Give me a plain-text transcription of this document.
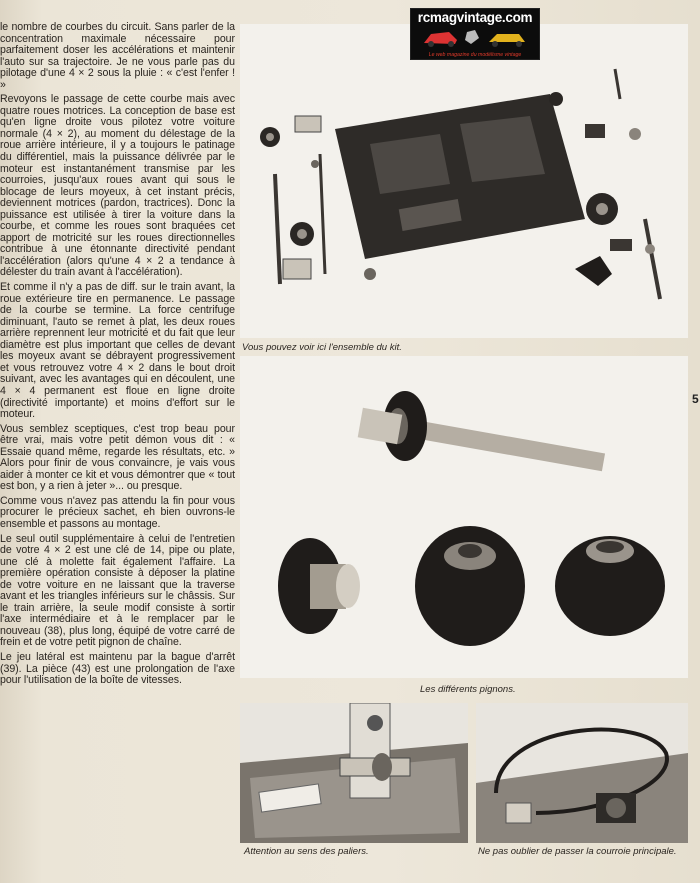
le nombre de courbes du circuit. Sans parler de la concentration maximale nécessaire pour parfaitement doser les accélérations et maintenir l'auto sur sa trajectoire. Je ne vous parle pas du pilotage d'une 4 × 2 sous la pluie : « c'est l'enfer ! »

Revoyons le passage de cette courbe mais avec quatre roues motrices. La conception de base est qu'en ligne droite vous pilotez votre voiture normale (4 × 2), au moment du délestage de la roue arrière intérieure, il y a toujours le patinage du différentiel, mais la puissance délivrée par le moteur est instantanément transmise par les courroies, jusqu'aux roues avant qui sous le blocage de leurs moyeux, à cet instant précis, deviennent motrices (pardon, tractrices). Donc la puissance est utilisée à tirer la voiture dans la courbe, et comme les roues sont braquées cet apport de motricité sur les roues directionnelles contribue à une étonnante directivité pendant l'accélération (alors qu'une 4 × 2 a tendance à délester du train avant à l'accélération).

Et comme il n'y a pas de diff. sur le train avant, la roue extérieure tire en permanence. Le passage de la courbe se termine. La force centrifuge diminuant, l'auto se remet à plat, les deux roues arrière reprennent leur motricité et du fait que leur diamètre est plus important que celles de devant les moyeux avant se débrayent progressivement et vous retrouvez votre 4 × 2 dans le bout droit suivant, avec les avantages qui en découlent, une 4 × 4 permanent est floue en ligne droite (directivité importante) et moins d'effort sur le moteur.

Vous semblez sceptiques, c'est trop beau pour être vrai, mais votre petit démon vous dit : « Essaie quand même, regarde les résultats, etc. » Alors pour finir de vous convaincre, je vais vous aider à monter ce kit et vous démontrer que « tout est bon, y a rien à jeter »... ou presque.

Comme vous n'avez pas attendu la fin pour vous procurer le précieux sachet, eh bien ouvrons-le ensemble et passons au montage.

Le seul outil supplémentaire à celui de l'entretien de votre 4 × 2 est une clé de 14, pipe ou plate, une clé à molette fait également l'affaire. La première opération consiste à déposer la platine de votre voiture en ne laissant que la traverse avant et les triangles inférieurs sur le châssis. Sur le train arrière, la seule modif consiste à sortir l'axe intermédiaire et à le remplacer par le nouveau (38), plus long, équipé de votre carré de frein et de votre petit pignon de chaîne.

Le jeu latéral est maintenu par la bague d'arrêt (39). La pièce (43) est une prolongation de l'axe pour l'utilisation de la boîte de vitesses.

Vous pouvez voir ici l'ensemble du kit.
Les différents pignons.
Attention au sens des paliers.	Ne pas oublier de passer la courroie principale.
rcmagvintage.com
Le web magazine du modélisme vintage
5
